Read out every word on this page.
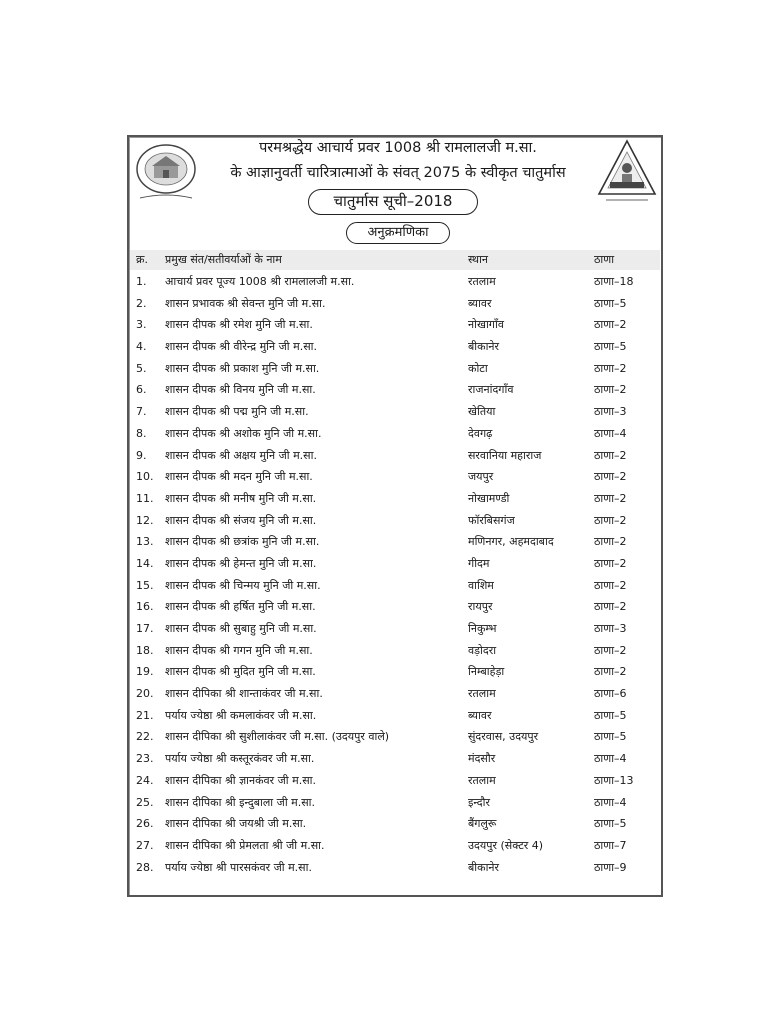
परमश्रद्धेय आचार्य प्रवर 1008 श्री रामलालजी म.सा.
के आज्ञानुवर्ती चारित्रात्माओं के संवत् 2075 के स्वीकृत चातुर्मास
चातुर्मास सूची–2018
अनुक्रमणिका
क्र. प्रमुख संत/सतीवर्याओं के नाम	स्थान	ठाणा
1. आचार्य प्रवर पूज्य 1008 श्री रामलालजी म.सा.	रतलाम	ठाणा–18
2. शासन प्रभावक श्री सेवन्त मुनि जी म.सा.	ब्यावर	ठाणा–5
3. शासन दीपक श्री रमेश मुनि जी म.सा.	नोखागाँव	ठाणा–2
4. शासन दीपक श्री वीरेन्द्र मुनि जी म.सा.	बीकानेर	ठाणा–5
5. शासन दीपक श्री प्रकाश मुनि जी म.सा.	कोटा	ठाणा–2
6. शासन दीपक श्री विनय मुनि जी म.सा.	राजनांदगाँव	ठाणा–2
7. शासन दीपक श्री पद्म मुनि जी म.सा.	खेतिया	ठाणा–3
8. शासन दीपक श्री अशोक मुनि जी म.सा.	देवगढ़	ठाणा–4
9. शासन दीपक श्री अक्षय मुनि जी म.सा.	सरवानिया महाराज	ठाणा–2
10. शासन दीपक श्री मदन मुनि जी म.सा.	जयपुर	ठाणा–2
11. शासन दीपक श्री मनीष मुनि जी म.सा.	नोखामण्डी	ठाणा–2
12. शासन दीपक श्री संजय मुनि जी म.सा.	फॉरबिसगंज	ठाणा–2
13. शासन दीपक श्री छत्रांक मुनि जी म.सा.	मणिनगर, अहमदाबाद	ठाणा–2
14. शासन दीपक श्री हेमन्त मुनि जी म.सा.	गीदम	ठाणा–2
15. शासन दीपक श्री चिन्मय मुनि जी म.सा.	वाशिम	ठाणा–2
16. शासन दीपक श्री हर्षित मुनि जी म.सा.	रायपुर	ठाणा–2
17. शासन दीपक श्री सुबाहु मुनि जी म.सा.	निकुम्भ	ठाणा–3
18. शासन दीपक श्री गगन मुनि जी म.सा.	वड़ोदरा	ठाणा–2
19. शासन दीपक श्री मुदित मुनि जी म.सा.	निम्बाहेड़ा	ठाणा–2
20. शासन दीपिका श्री शान्ताकंवर जी म.सा.	रतलाम	ठाणा–6
21. पर्याय ज्येष्ठा श्री कमलाकंवर जी म.सा.	ब्यावर	ठाणा–5
22. शासन दीपिका श्री सुशीलाकंवर जी म.सा. (उदयपुर वाले)	सुंदरवास, उदयपुर	ठाणा–5
23. पर्याय ज्येष्ठा श्री कस्तूरकंवर जी म.सा.	मंदसौर	ठाणा–4
24. शासन दीपिका श्री ज्ञानकंवर जी म.सा.	रतलाम	ठाणा–13
25. शासन दीपिका श्री इन्दुबाला जी म.सा.	इन्दौर	ठाणा–4
26. शासन दीपिका श्री जयश्री जी म.सा.	बैंगलुरू	ठाणा–5
27. शासन दीपिका श्री प्रेमलता श्री जी म.सा.	उदयपुर (सेक्टर 4)	ठाणा–7
28. पर्याय ज्येष्ठा श्री पारसकंवर जी म.सा.	बीकानेर	ठाणा–9
